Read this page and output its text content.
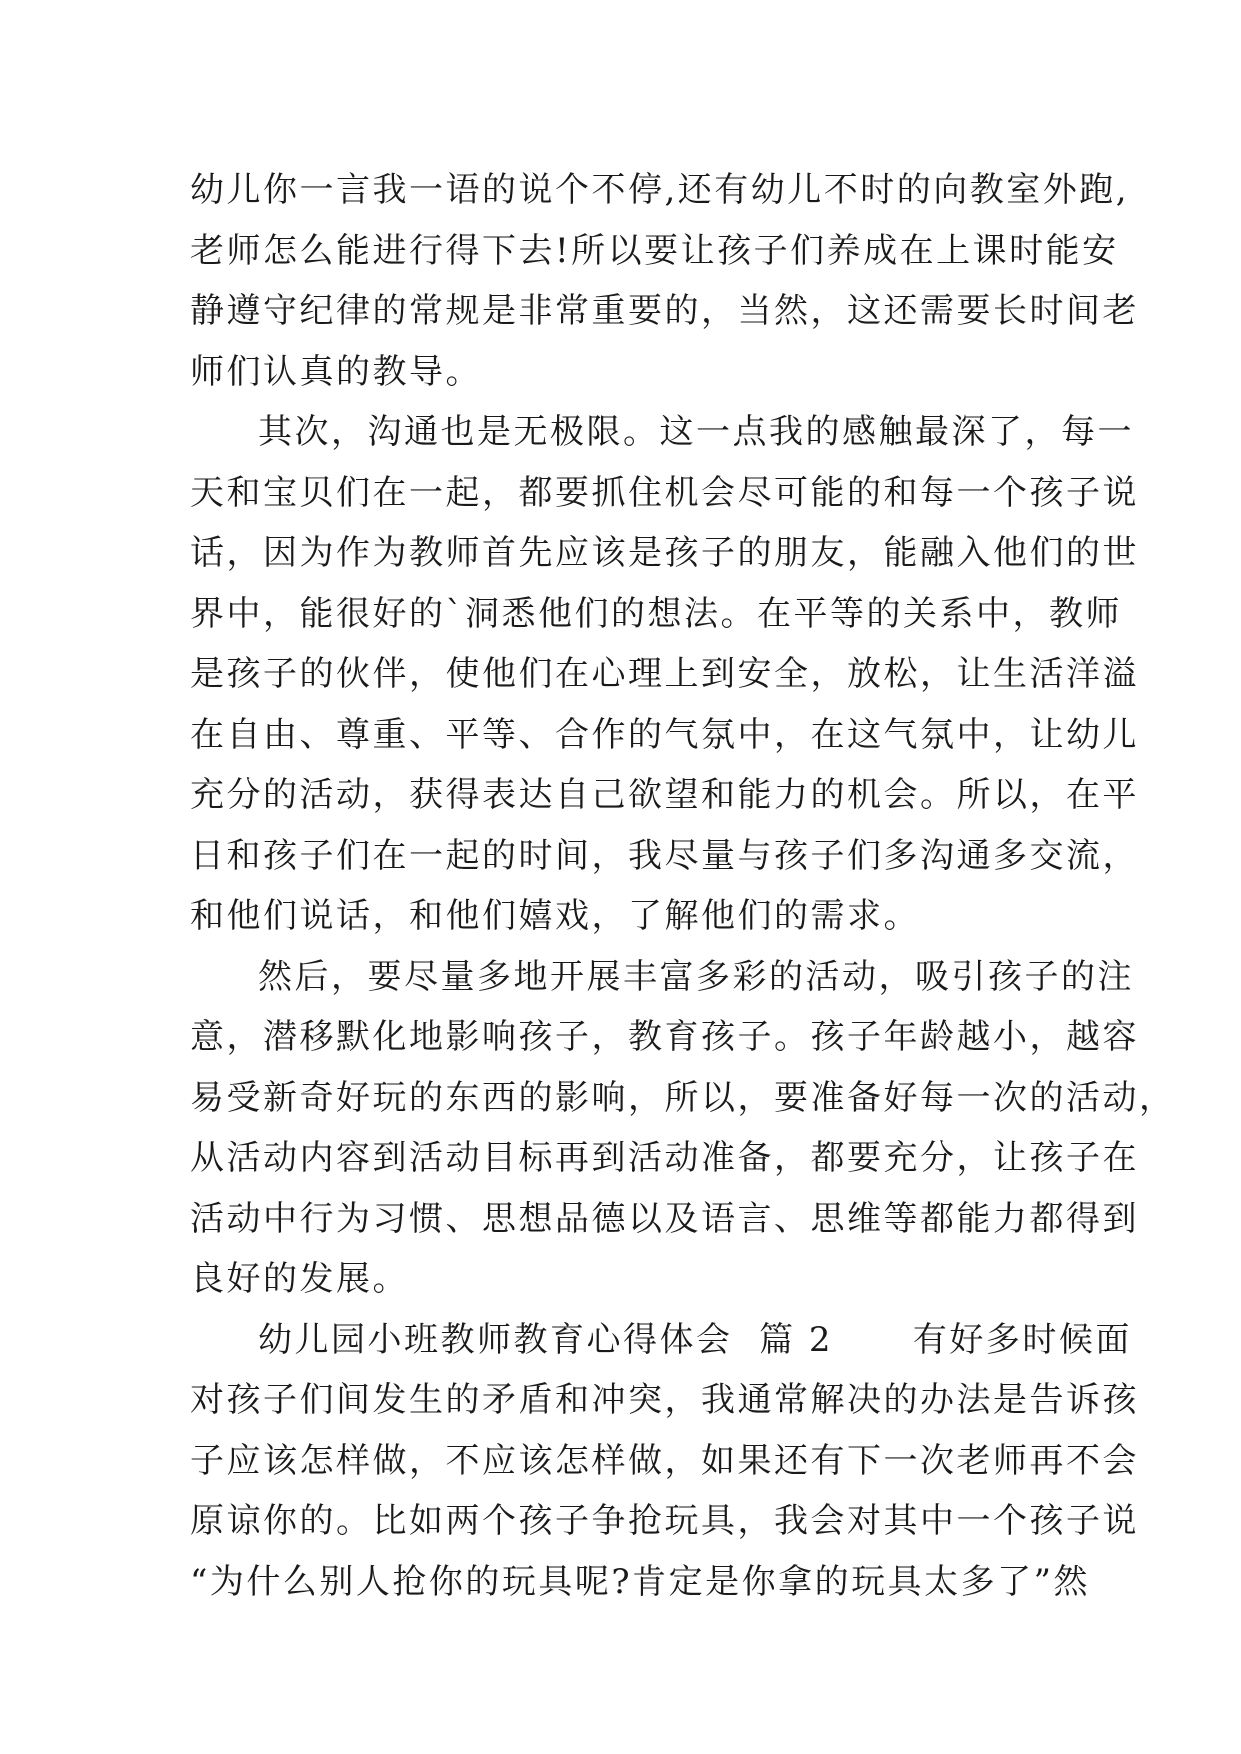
幼儿你一言我一语的说个不停,还有幼儿不时的向教室外跑,
老师怎么能进行得下去!所以要让孩子们养成在上课时能安
静遵守纪律的常规是非常重要的，当然，这还需要长时间老
师们认真的教导。
其次，沟通也是无极限。这一点我的感触最深了，每一
天和宝贝们在一起，都要抓住机会尽可能的和每一个孩子说
话，因为作为教师首先应该是孩子的朋友，能融入他们的世
界中，能很好的`洞悉他们的想法。在平等的关系中，教师
是孩子的伙伴，使他们在心理上到安全，放松，让生活洋溢
在自由、尊重、平等、合作的气氛中，在这气氛中，让幼儿
充分的活动，获得表达自己欲望和能力的机会。所以，在平
日和孩子们在一起的时间，我尽量与孩子们多沟通多交流，
和他们说话，和他们嬉戏，了解他们的需求。
然后，要尽量多地开展丰富多彩的活动，吸引孩子的注
意，潜移默化地影响孩子，教育孩子。孩子年龄越小，越容
易受新奇好玩的东西的影响，所以，要准备好每一次的活动，
从活动内容到活动目标再到活动准备，都要充分，让孩子在
活动中行为习惯、思想品德以及语言、思维等都能力都得到
良好的发展。
幼儿园小班教师教育心得体会  篇 2      有好多时候面
对孩子们间发生的矛盾和冲突，我通常解决的办法是告诉孩
子应该怎样做，不应该怎样做，如果还有下一次老师再不会
原谅你的。比如两个孩子争抢玩具，我会对其中一个孩子说
“为什么别人抢你的玩具呢?肯定是你拿的玩具太多了”然
